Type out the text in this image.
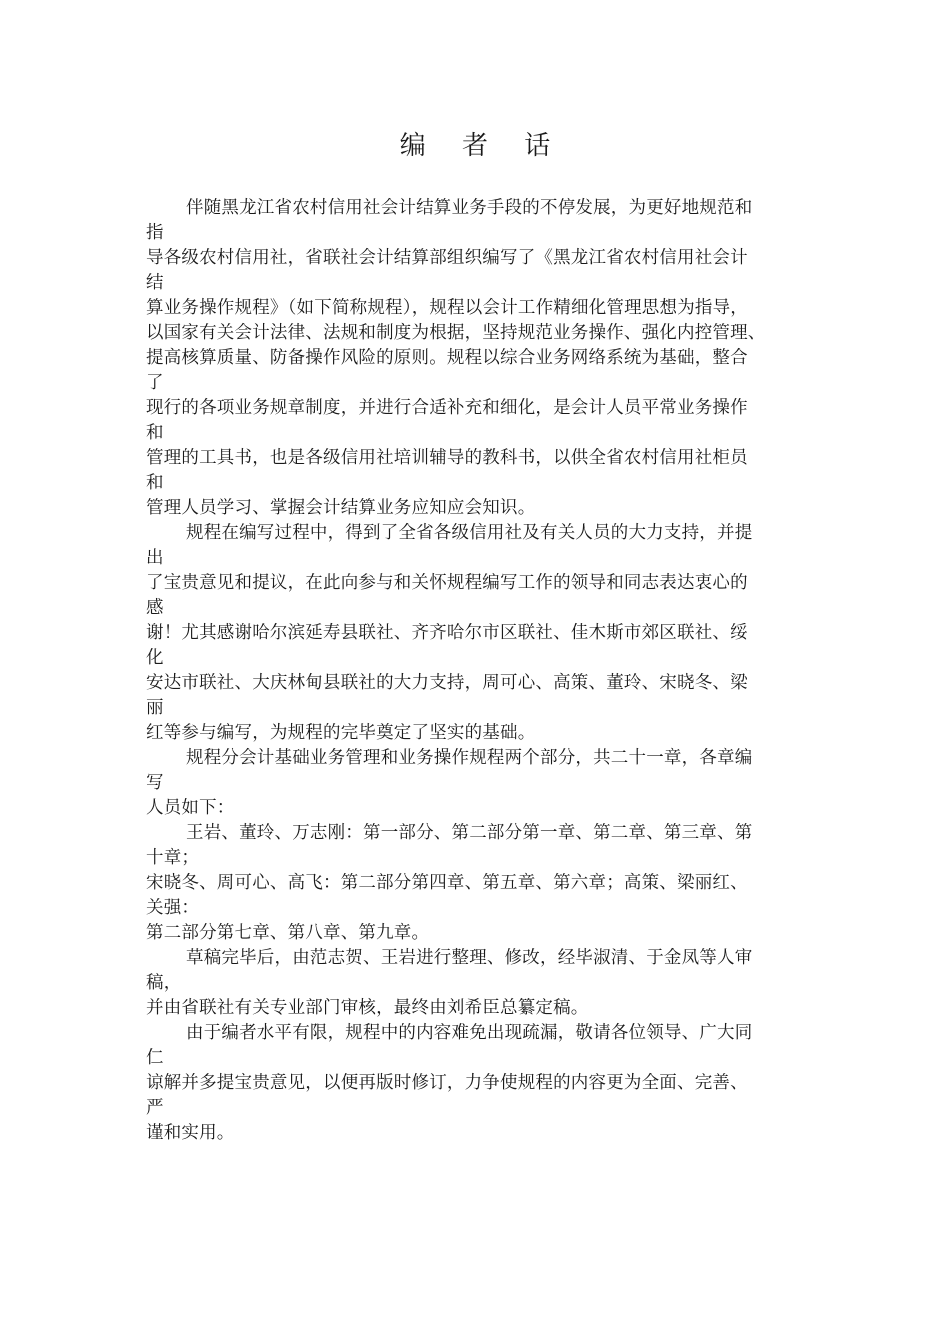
编 者 话
伴随黑龙江省农村信用社会计结算业务手段的不停发展，为更好地规范和
指
导各级农村信用社，省联社会计结算部组织编写了《黑龙江省农村信用社会计
结
算业务操作规程》（如下简称规程），规程以会计工作精细化管理思想为指导，
以国家有关会计法律、法规和制度为根据，坚持规范业务操作、强化内控管理、
提高核算质量、防备操作风险的原则。规程以综合业务网络系统为基础，整合
了
现行的各项业务规章制度，并进行合适补充和细化，是会计人员平常业务操作
和
管理的工具书，也是各级信用社培训辅导的教科书，以供全省农村信用社柜员
和
管理人员学习、掌握会计结算业务应知应会知识。
规程在编写过程中，得到了全省各级信用社及有关人员的大力支持，并提
出
了宝贵意见和提议，在此向参与和关怀规程编写工作的领导和同志表达衷心的
感
谢！尤其感谢哈尔滨延寿县联社、齐齐哈尔市区联社、佳木斯市郊区联社、绥
化
安达市联社、大庆林甸县联社的大力支持，周可心、高策、董玲、宋晓冬、梁
丽
红等参与编写，为规程的完毕奠定了坚实的基础。
规程分会计基础业务管理和业务操作规程两个部分，共二十一章，各章编
写
人员如下：
王岩、董玲、万志刚：第一部分、第二部分第一章、第二章、第三章、第
十章；
宋晓冬、周可心、高飞：第二部分第四章、第五章、第六章；高策、梁丽红、
关强：
第二部分第七章、第八章、第九章。
草稿完毕后，由范志贺、王岩进行整理、修改，经毕淑清、于金凤等人审
稿，
并由省联社有关专业部门审核，最终由刘希臣总纂定稿。
由于编者水平有限，规程中的内容难免出现疏漏，敬请各位领导、广大同
仁
谅解并多提宝贵意见，以便再版时修订，力争使规程的内容更为全面、完善、
严
谨和实用。
